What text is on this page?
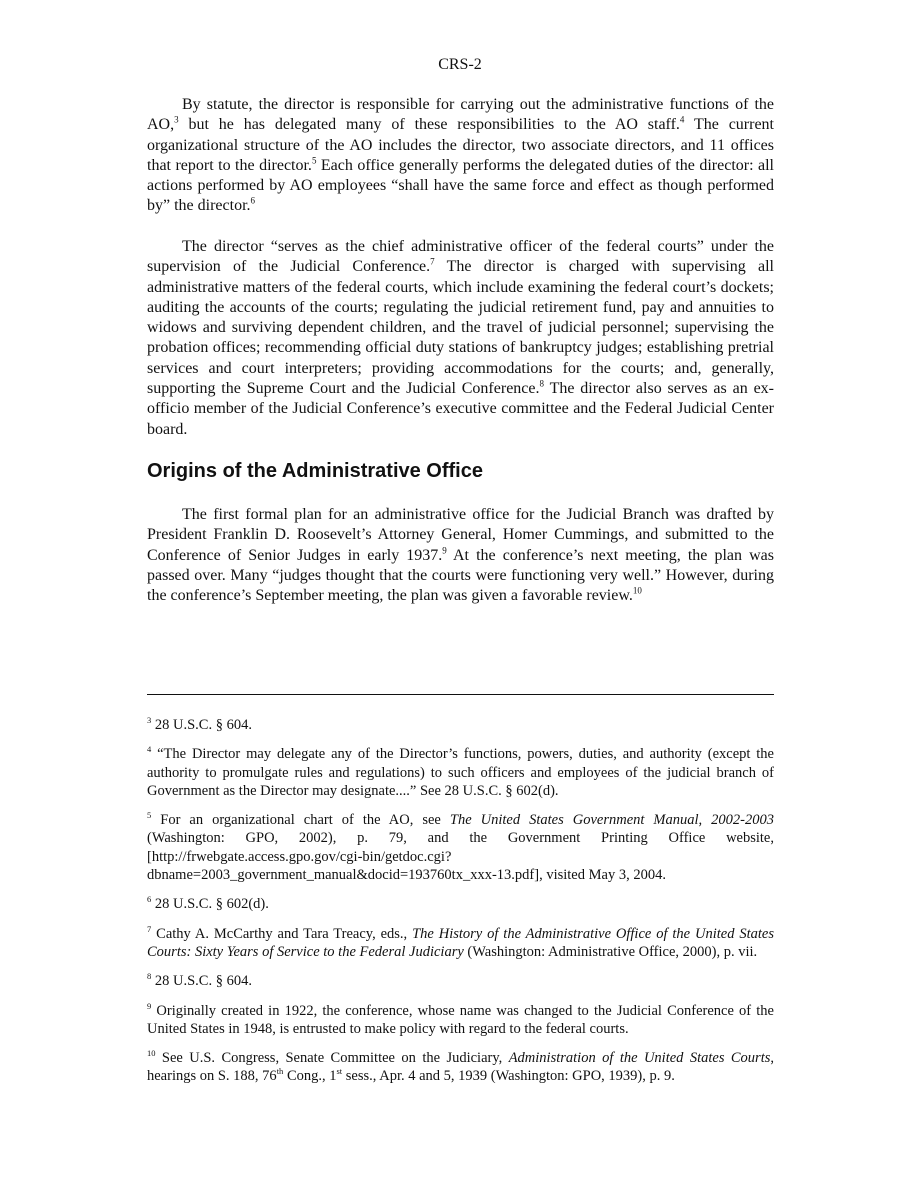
CRS-2

By statute, the director is responsible for carrying out the administrative functions of the AO,$^3$ but he has delegated many of these responsibilities to the AO staff.$^4$ The current organizational structure of the AO includes the director, two associate directors, and 11 offices that report to the director.$^5$ Each office generally performs the delegated duties of the director: all actions performed by AO employees “shall have the same force and effect as though performed by” the director.$^6$

The director “serves as the chief administrative officer of the federal courts” under the supervision of the Judicial Conference.$^7$ The director is charged with supervising all administrative matters of the federal courts, which include examining the federal court’s dockets; auditing the accounts of the courts; regulating the judicial retirement fund, pay and annuities to widows and surviving dependent children, and the travel of judicial personnel; supervising the probation offices; recommending official duty stations of bankruptcy judges; establishing pretrial services and court interpreters; providing accommodations for the courts; and, generally, supporting the Supreme Court and the Judicial Conference.$^8$ The director also serves as an ex-officio member of the Judicial Conference’s executive committee and the Federal Judicial Center board.

Origins of the Administrative Office

The first formal plan for an administrative office for the Judicial Branch was drafted by President Franklin D. Roosevelt’s Attorney General, Homer Cummings, and submitted to the Conference of Senior Judges in early 1937.$^9$ At the conference’s next meeting, the plan was passed over. Many “judges thought that the courts were functioning very well.” However, during the conference’s September meeting, the plan was given a favorable review.$^{10}$

$^3$ 28 U.S.C. § 604.

$^4$ “The Director may delegate any of the Director’s functions, powers, duties, and authority (except the authority to promulgate rules and regulations) to such officers and employees of the judicial branch of Government as the Director may designate....” See 28 U.S.C. § 602(d).

$^5$ For an organizational chart of the AO, see The United States Government Manual, 2002-2003 (Washington: GPO, 2002), p. 79, and the Government Printing Office website, [http://frwebgate.access.gpo.gov/cgi-bin/getdoc.cgi?dbname=2003_government_manual&docid=193760tx_xxx-13.pdf], visited May 3, 2004.

$^6$ 28 U.S.C. § 602(d).

$^7$ Cathy A. McCarthy and Tara Treacy, eds., The History of the Administrative Office of the United States Courts: Sixty Years of Service to the Federal Judiciary (Washington: Administrative Office, 2000), p. vii.

$^8$ 28 U.S.C. § 604.

$^9$ Originally created in 1922, the conference, whose name was changed to the Judicial Conference of the United States in 1948, is entrusted to make policy with regard to the federal courts.

$^{10}$ See U.S. Congress, Senate Committee on the Judiciary, Administration of the United States Courts, hearings on S. 188, 76th Cong., 1st sess., Apr. 4 and 5, 1939 (Washington: GPO, 1939), p. 9.
